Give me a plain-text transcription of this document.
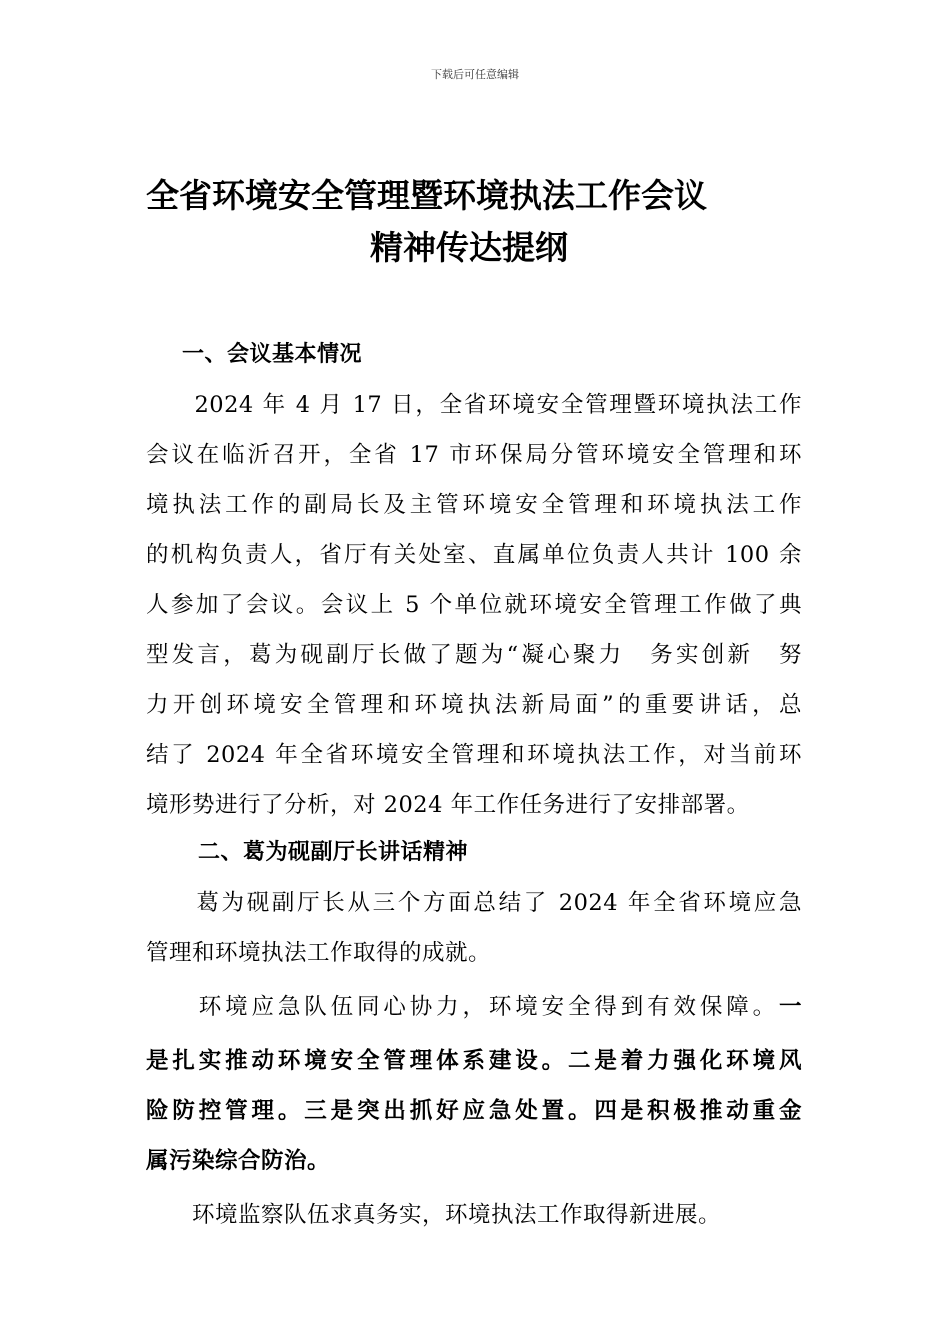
下载后可任意编辑
全省环境安全管理暨环境执法工作会议
精神传达提纲
一、会议基本情况
　　2024 年 4 月 17 日，全省环境安全管理暨环境执法工作
会议在临沂召开，全省 17 市环保局分管环境安全管理和环
境执法工作的副局长及主管环境安全管理和环境执法工作
的机构负责人，省厅有关处室、直属单位负责人共计 100 余
人参加了会议。会议上 5 个单位就环境安全管理工作做了典
型发言，葛为砚副厅长做了题为“凝心聚力　务实创新　努
力开创环境安全管理和环境执法新局面”的重要讲话，总
结了 2024 年全省环境安全管理和环境执法工作，对当前环
境形势进行了分析，对 2024 年工作任务进行了安排部署。
二、葛为砚副厅长讲话精神
　　葛为砚副厅长从三个方面总结了 2024 年全省环境应急
管理和环境执法工作取得的成就。
　　环境应急队伍同心协力，环境安全得到有效保障。一
是扎实推动环境安全管理体系建设。二是着力强化环境风
险防控管理。三是突出抓好应急处置。四是积极推动重金
属污染综合防治。
　　环境监察队伍求真务实，环境执法工作取得新进展。
